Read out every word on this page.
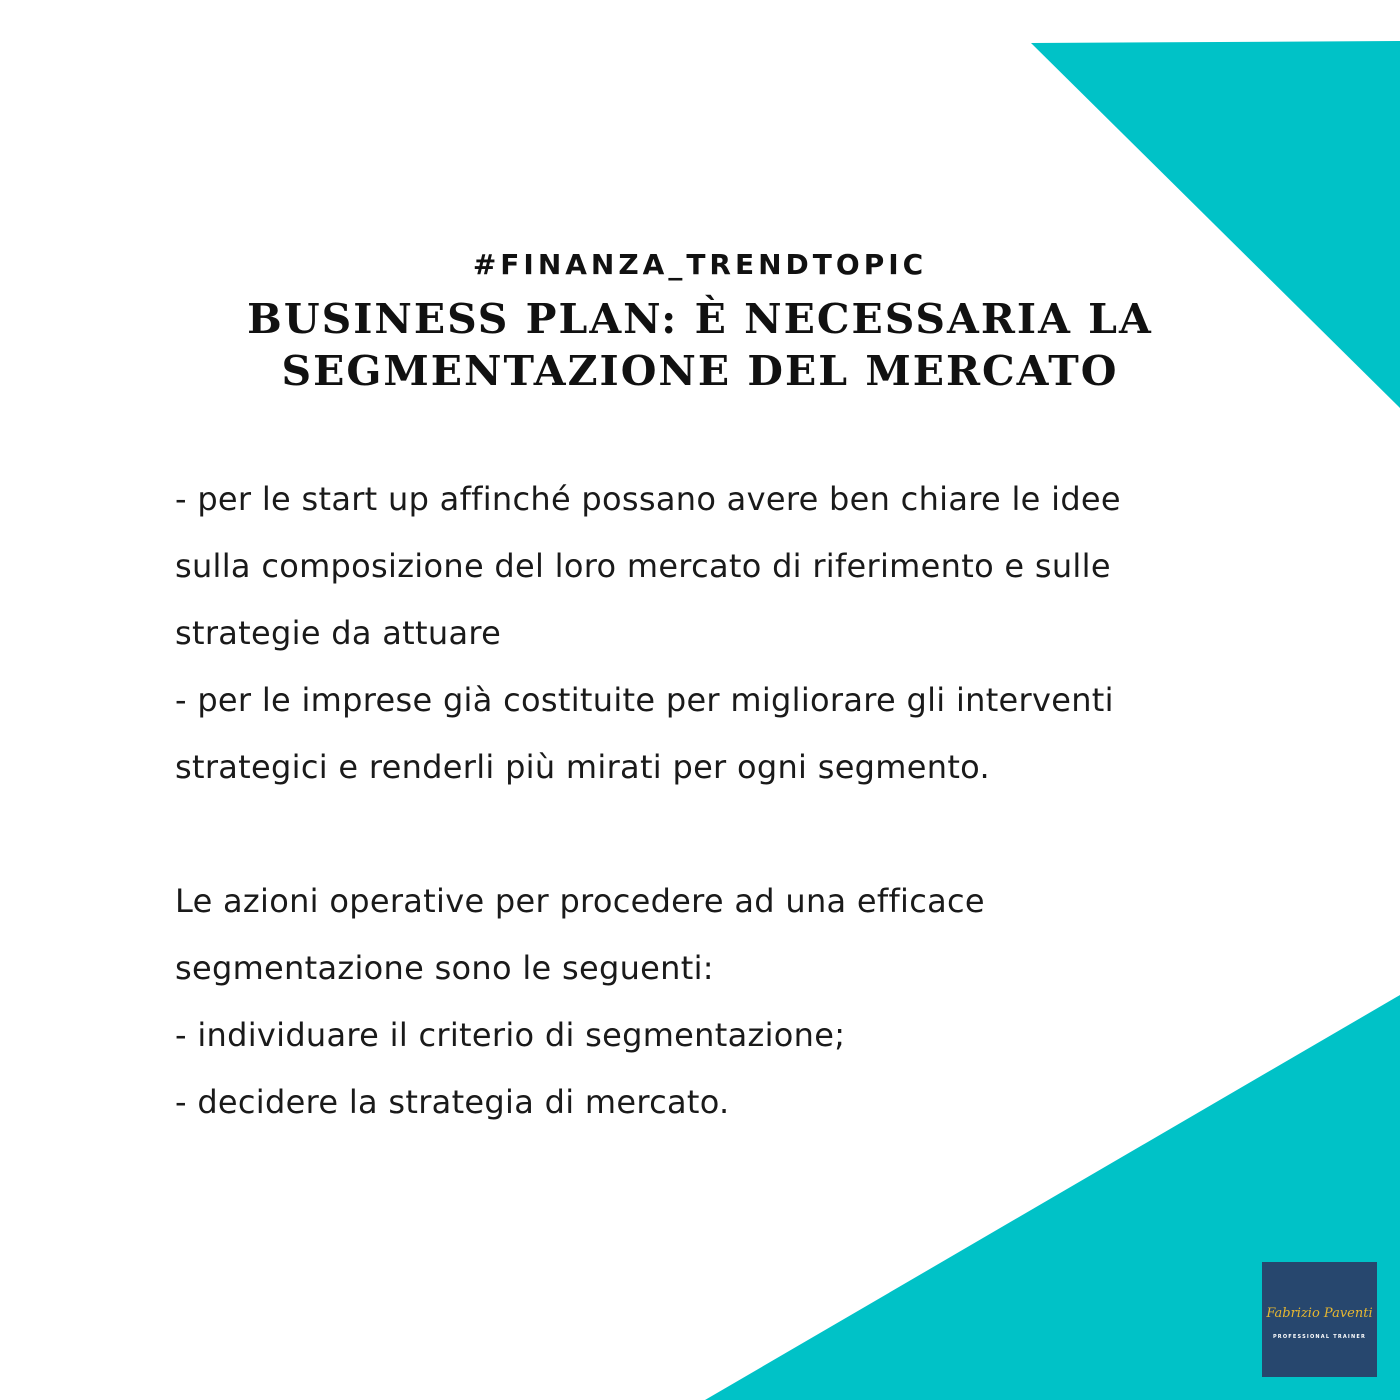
#FINANZA_TRENDTOPIC
BUSINESS PLAN: È NECESSARIA LA
SEGMENTAZIONE DEL MERCATO
- per le start up affinché possano avere ben chiare le idee
sulla composizione del loro mercato di riferimento e sulle
strategie da attuare
- per le imprese già costituite per migliorare gli interventi
strategici e renderli più mirati per ogni segmento.
Le azioni operative per procedere ad una efficace
segmentazione sono le seguenti:
- individuare il criterio di segmentazione;
- decidere la strategia di mercato.
Fabrizio Paventi
PROFESSIONAL TRAINER
